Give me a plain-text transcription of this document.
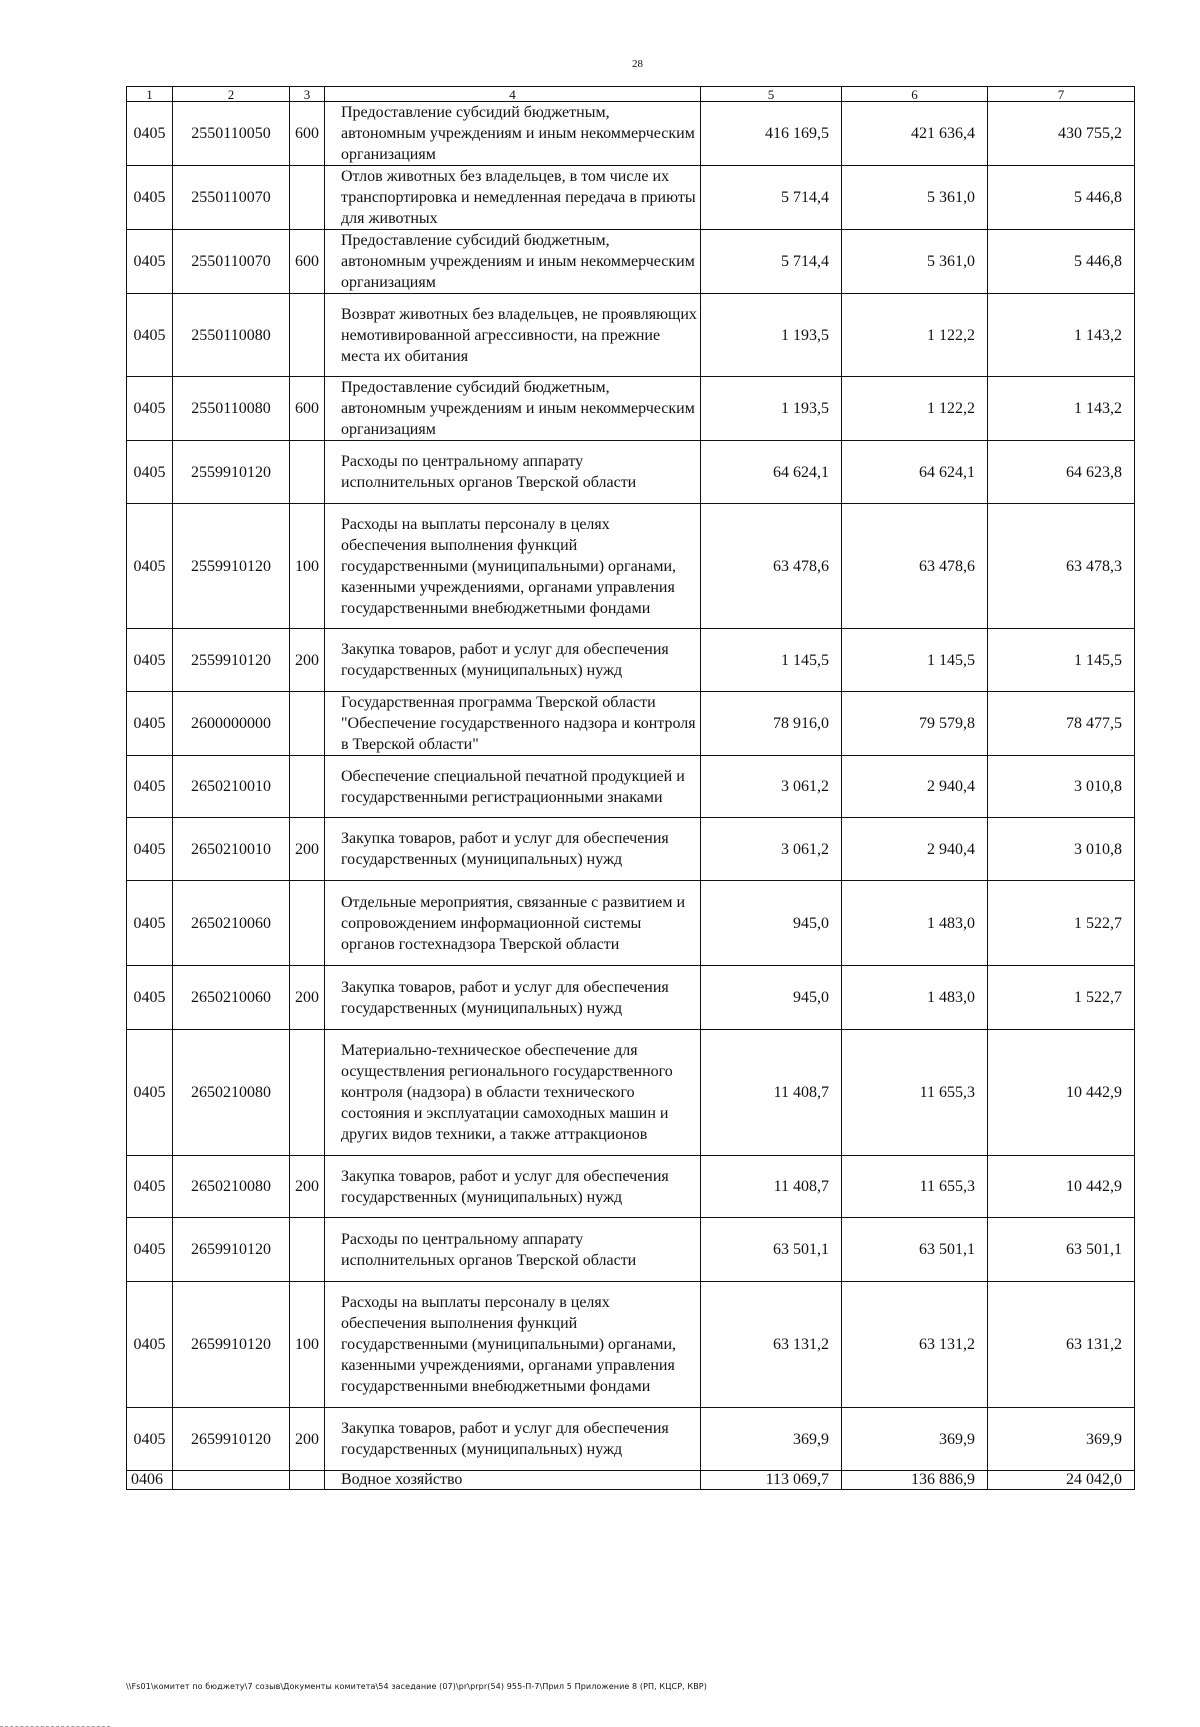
28
1	2	3	4	5	6	7
0405	2550110050	600	Предоставление субсидий бюджетным, автономным учреждениям и иным некоммерческим организациям	416 169,5	421 636,4	430 755,2
0405	2550110070		Отлов животных без владельцев, в том числе их транспортировка и немедленная передача в приюты для животных	5 714,4	5 361,0	5 446,8
0405	2550110070	600	Предоставление субсидий бюджетным, автономным учреждениям и иным некоммерческим организациям	5 714,4	5 361,0	5 446,8
0405	2550110080		Возврат животных без владельцев, не проявляющих немотивированной агрессивности, на прежние места их обитания	1 193,5	1 122,2	1 143,2
0405	2550110080	600	Предоставление субсидий бюджетным, автономным учреждениям и иным некоммерческим организациям	1 193,5	1 122,2	1 143,2
0405	2559910120		Расходы по центральному аппарату исполнительных органов Тверской области	64 624,1	64 624,1	64 623,8
0405	2559910120	100	Расходы на выплаты персоналу в целях обеспечения выполнения функций государственными (муниципальными) органами, казенными учреждениями, органами управления государственными внебюджетными фондами	63 478,6	63 478,6	63 478,3
0405	2559910120	200	Закупка товаров, работ и услуг для обеспечения государственных (муниципальных) нужд	1 145,5	1 145,5	1 145,5
0405	2600000000		Государственная программа Тверской области "Обеспечение государственного надзора и контроля в Тверской области"	78 916,0	79 579,8	78 477,5
0405	2650210010		Обеспечение специальной печатной продукцией и государственными регистрационными знаками	3 061,2	2 940,4	3 010,8
0405	2650210010	200	Закупка товаров, работ и услуг для обеспечения государственных (муниципальных) нужд	3 061,2	2 940,4	3 010,8
0405	2650210060		Отдельные мероприятия, связанные с развитием и сопровождением информационной системы органов гостехнадзора Тверской области	945,0	1 483,0	1 522,7
0405	2650210060	200	Закупка товаров, работ и услуг для обеспечения государственных (муниципальных) нужд	945,0	1 483,0	1 522,7
0405	2650210080		Материально-техническое обеспечение для осуществления регионального государственного контроля (надзора) в области технического состояния и эксплуатации самоходных машин и других видов техники, а также аттракционов	11 408,7	11 655,3	10 442,9
0405	2650210080	200	Закупка товаров, работ и услуг для обеспечения государственных (муниципальных) нужд	11 408,7	11 655,3	10 442,9
0405	2659910120		Расходы по центральному аппарату исполнительных органов Тверской области	63 501,1	63 501,1	63 501,1
0405	2659910120	100	Расходы на выплаты персоналу в целях обеспечения выполнения функций государственными (муниципальными) органами, казенными учреждениями, органами управления государственными внебюджетными фондами	63 131,2	63 131,2	63 131,2
0405	2659910120	200	Закупка товаров, работ и услуг для обеспечения государственных (муниципальных) нужд	369,9	369,9	369,9
0406			Водное хозяйство	113 069,7	136 886,9	24 042,0
\\Fs01\комитет по бюджету\7 созыв\Документы комитета\54 заседание (07)\pr\prpr(54) 955-П-7\Прил 5 Приложение 8 (РП, КЦСР, КВР)
